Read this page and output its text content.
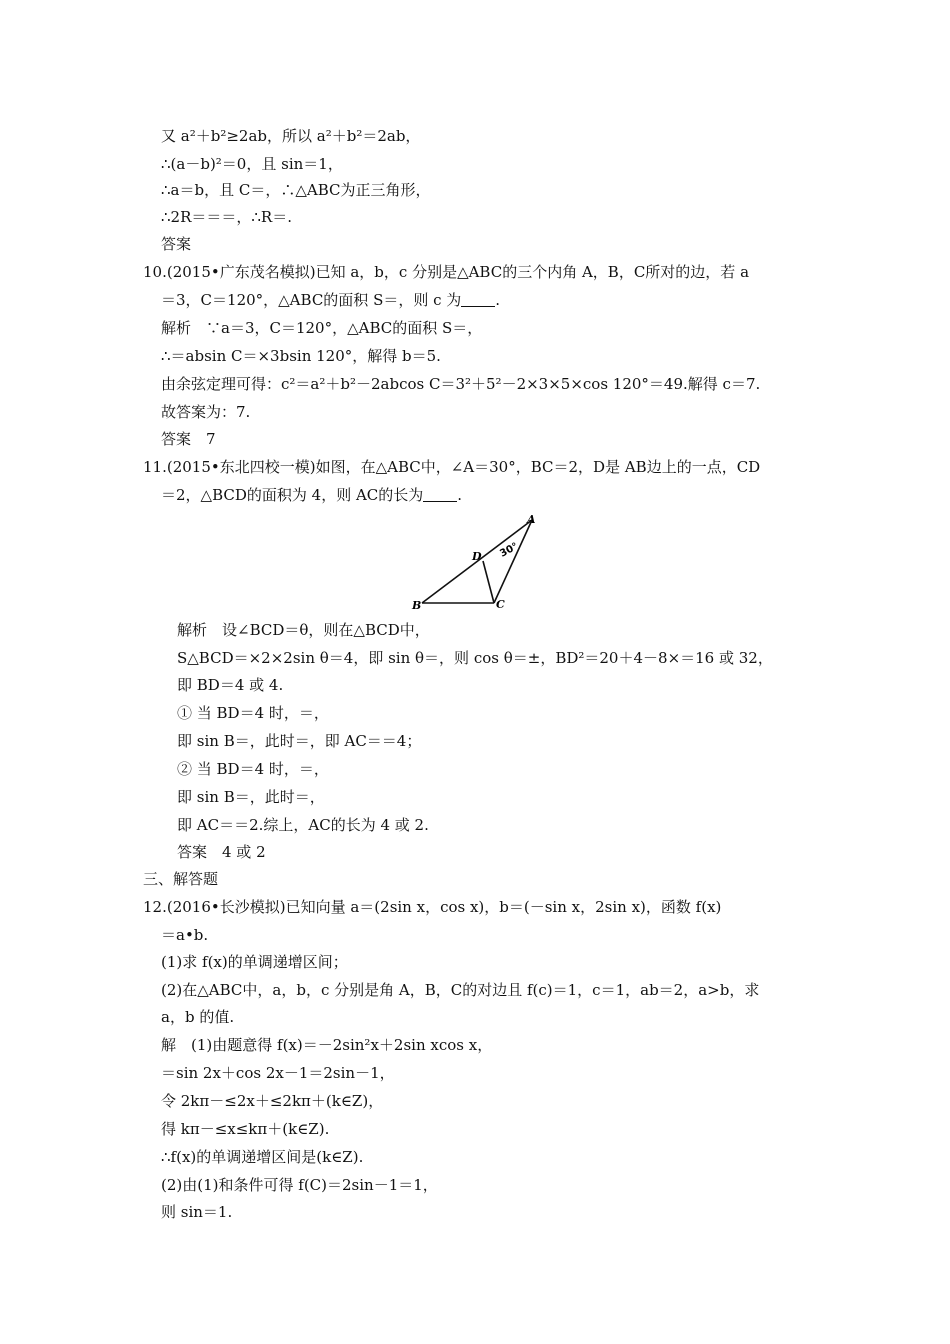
又 a²＋b²≥2ab，所以 a²＋b²＝2ab，
∴(a－b)²＝0，且 sin＝1，
∴a＝b，且 C＝，∴△ABC为正三角形，
∴2R＝＝＝，∴R＝.
答案
10.(2015•广东茂名模拟)已知 a，b，c 分别是△ABC的三个内角 A，B，C所对的边，若 a
＝3，C＝120°，△ABC的面积 S＝，则 c 为 .
解析　∵a＝3，C＝120°，△ABC的面积 S＝，
∴＝absin C＝×3bsin 120°，解得 b＝5.
由余弦定理可得：c²＝a²＋b²－2abcos C＝3²＋5²－2×3×5×cos 120°＝49.解得 c＝7.
故答案为：7.
答案　7
11.(2015•东北四校一模)如图，在△ABC中，∠A＝30°，BC＝2，D是 AB边上的一点，CD
＝2，△BCD的面积为 4，则 AC的长为 .
A
B	C
D 30°
解析　设∠BCD＝θ，则在△BCD中，
S△BCD＝×2×2sin θ＝4，即 sin θ＝，则 cos θ＝±，BD²＝20＋4－8×＝16 或 32，
即 BD＝4 或 4.
① 当 BD＝4 时，＝，
即 sin B＝，此时＝，即 AC＝＝4；
② 当 BD＝4 时，＝，
即 sin B＝，此时＝，
即 AC＝＝2.综上，AC的长为 4 或 2.
答案　4 或 2
三、解答题
12.(2016•长沙模拟)已知向量 a＝(2sin x，cos x)，b＝(－sin x，2sin x)，函数 f(x)
＝a•b.
(1)求 f(x)的单调递增区间；
(2)在△ABC中，a，b，c 分别是角 A，B，C的对边且 f(c)＝1，c＝1，ab＝2，a>b，求
a，b 的值.
解　(1)由题意得 f(x)＝－2sin²x＋2sin xcos x，
＝sin 2x＋cos 2x－1＝2sin－1，
令 2kπ－≤2x＋≤2kπ＋(k∈Z)，
得 kπ－≤x≤kπ＋(k∈Z).
∴f(x)的单调递增区间是(k∈Z).
(2)由(1)和条件可得 f(C)＝2sin－1＝1，
则 sin＝1.
